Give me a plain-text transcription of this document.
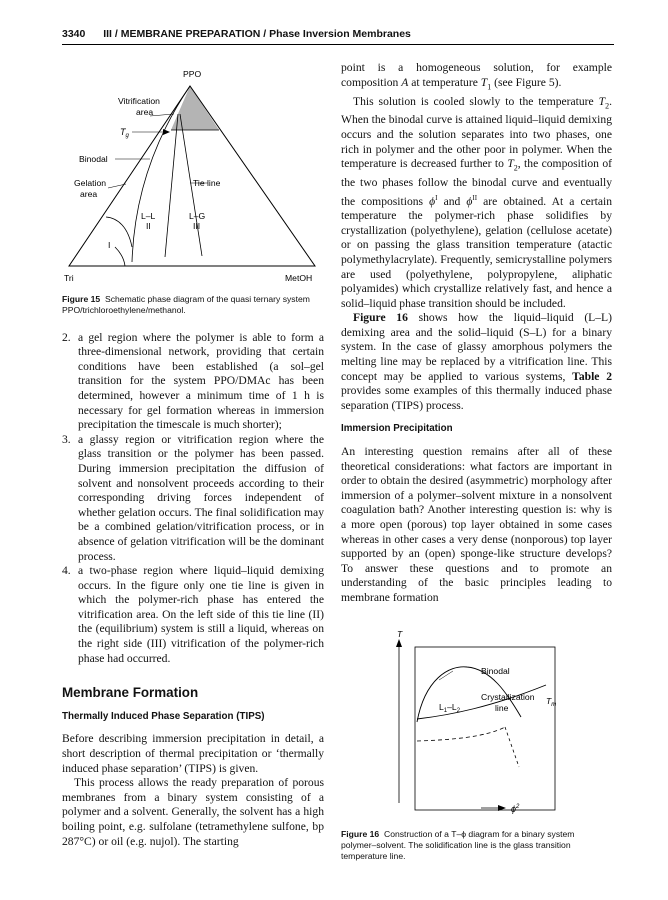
3340 III / MEMBRANE PREPARATION / Phase Inversion Membranes
PPO
Vitrification
area
$T_g$
Binodal
Gelation
area
Tie line
L–L
II
L–G
III
I
Tri	MetOH

Figure 15 Schematic phase diagram of the quasi ternary system PPO/trichloroethylene/methanol.

2. a gel region where the polymer is able to form a three-dimensional network, providing that certain conditions have been established (a sol–gel transition for the system PPO/DMAc has been determined, however a minimum time of 1 h is necessary for gel formation whereas in immersion precipitation the timescale is much shorter);
3. a glassy region or vitrification region where the glass transition or the polymer has been passed. During immersion precipitation the diffusion of solvent and nonsolvent proceeds according to their corresponding driving forces independent of whether gelation occurs. The final solidification may be a combined gelation/vitrification process, or in absence of gelation vitrification will be the dominant process.
4. a two-phase region where liquid–liquid demixing occurs. In the figure only one tie line is given in which the polymer-rich phase has entered the vitrification area. On the left side of this tie line (II) the (equilibrium) system is still a liquid, whereas on the right side (III) vitrification of the polymer-rich phase had occurred.
Membrane Formation
Thermally Induced Phase Separation (TIPS)

Before describing immersion precipitation in detail, a short description of thermal precipitation or ‘thermally induced phase separation’ (TIPS) is given.

This process allows the ready preparation of porous membranes from a binary system consisting of a polymer and a solvent. Generally, the solvent has a high boiling point, e.g. sulfolane (tetramethylene sulfone, bp 287°C) or oil (e.g. nujol). The starting

point is a homogeneous solution, for example composition A at temperature $T_1$ (see Figure 5).

This solution is cooled slowly to the temperature $T_2$. When the binodal curve is attained liquid–liquid demixing occurs and the solution separates into two phases, one rich in polymer and the other poor in polymer. When the temperature is decreased further to $T_2$, the composition of the two phases follow the binodal curve and eventually the compositions $\phi^I$ and $\phi^{II}$ are obtained. At a certain temperature the polymer-rich phase solidifies by crystallization (polyethylene), gelation (cellulose acetate) or on passing the glass transition temperature (atactic polymethylacrylate). Frequently, semicrystalline polymers are used (polyethylene, polypropylene, aliphatic polyamides) which crystallize relatively fast, and hence a solid–liquid phase transition should be included.

Figure 16 shows how the liquid–liquid (L–L) demixing area and the solid–liquid (S–L) for a binary system. In the case of glassy amorphous polymers the melting line may be replaced by a vitrification line. This concept may be applied to various systems, Table 2 provides some examples of this thermally induced phase separation (TIPS) process.

Immersion Precipitation

An interesting question remains after all of these theoretical considerations: what factors are important in order to obtain the desired (asymmetric) morphology after immersion of a polymer–solvent mixture in a nonsolvent coagulation bath? Another interesting question is: why is a more open (porous) top layer obtained in some cases whereas in other cases a very dense (nonporous) top layer supported by an (open) sponge-like structure develops? To answer these questions and to promote an understanding of the basic principles leading to membrane formation

T
Binodal
Crystallization
line
$T_m$
$L_1-L_2$
$\phi^2$

Figure 16 Construction of a T–ϕ diagram for a binary system polymer–solvent. The solidification line is the glass transition temperature line.
